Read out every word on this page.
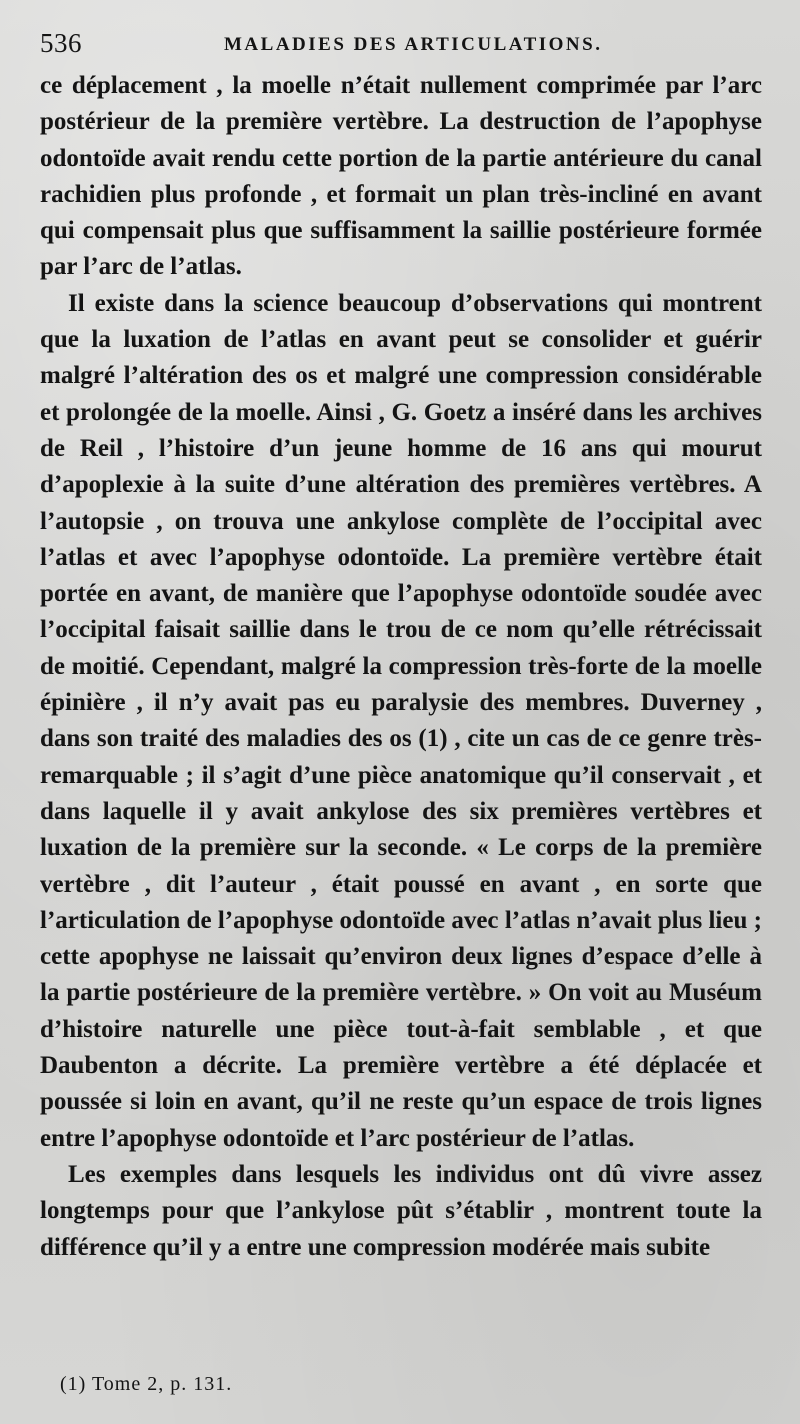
536	MALADIES DES ARTICULATIONS.

ce déplacement , la moelle n’était nullement comprimée par l’arc postérieur de la première vertèbre. La destruction de l’apophyse odontoïde avait rendu cette portion de la partie antérieure du canal rachidien plus profonde , et formait un plan très-incliné en avant qui compensait plus que suffisamment la saillie postérieure formée par l’arc de l’atlas.

Il existe dans la science beaucoup d’observations qui montrent que la luxation de l’atlas en avant peut se consolider et guérir malgré l’altération des os et malgré une compression considérable et prolongée de la moelle. Ainsi , G. Goetz a inséré dans les archives de Reil , l’histoire d’un jeune homme de 16 ans qui mourut d’apoplexie à la suite d’une altération des premières vertèbres. A l’autopsie , on trouva une ankylose complète de l’occipital avec l’atlas et avec l’apophyse odontoïde. La première vertèbre était portée en avant, de manière que l’apophyse odontoïde soudée avec l’occipital faisait saillie dans le trou de ce nom qu’elle rétrécissait de moitié. Cependant, malgré la compression très-forte de la moelle épinière , il n’y avait pas eu paralysie des membres. Duverney , dans son traité des maladies des os (1) , cite un cas de ce genre très-remarquable ; il s’agit d’une pièce anatomique qu’il conservait , et dans laquelle il y avait ankylose des six premières vertèbres et luxation de la première sur la seconde. « Le corps de la première vertèbre , dit l’auteur , était poussé en avant , en sorte que l’articulation de l’apophyse odontoïde avec l’atlas n’avait plus lieu ; cette apophyse ne laissait qu’environ deux lignes d’espace d’elle à la partie postérieure de la première vertèbre. » On voit au Muséum d’histoire naturelle une pièce tout-à-fait semblable , et que Daubenton a décrite. La première vertèbre a été déplacée et poussée si loin en avant, qu’il ne reste qu’un espace de trois lignes entre l’apophyse odontoïde et l’arc postérieur de l’atlas.

Les exemples dans lesquels les individus ont dû vivre assez longtemps pour que l’ankylose pût s’établir , montrent toute la différence qu’il y a entre une compression modérée mais subite

(1) Tome 2, p. 131.
